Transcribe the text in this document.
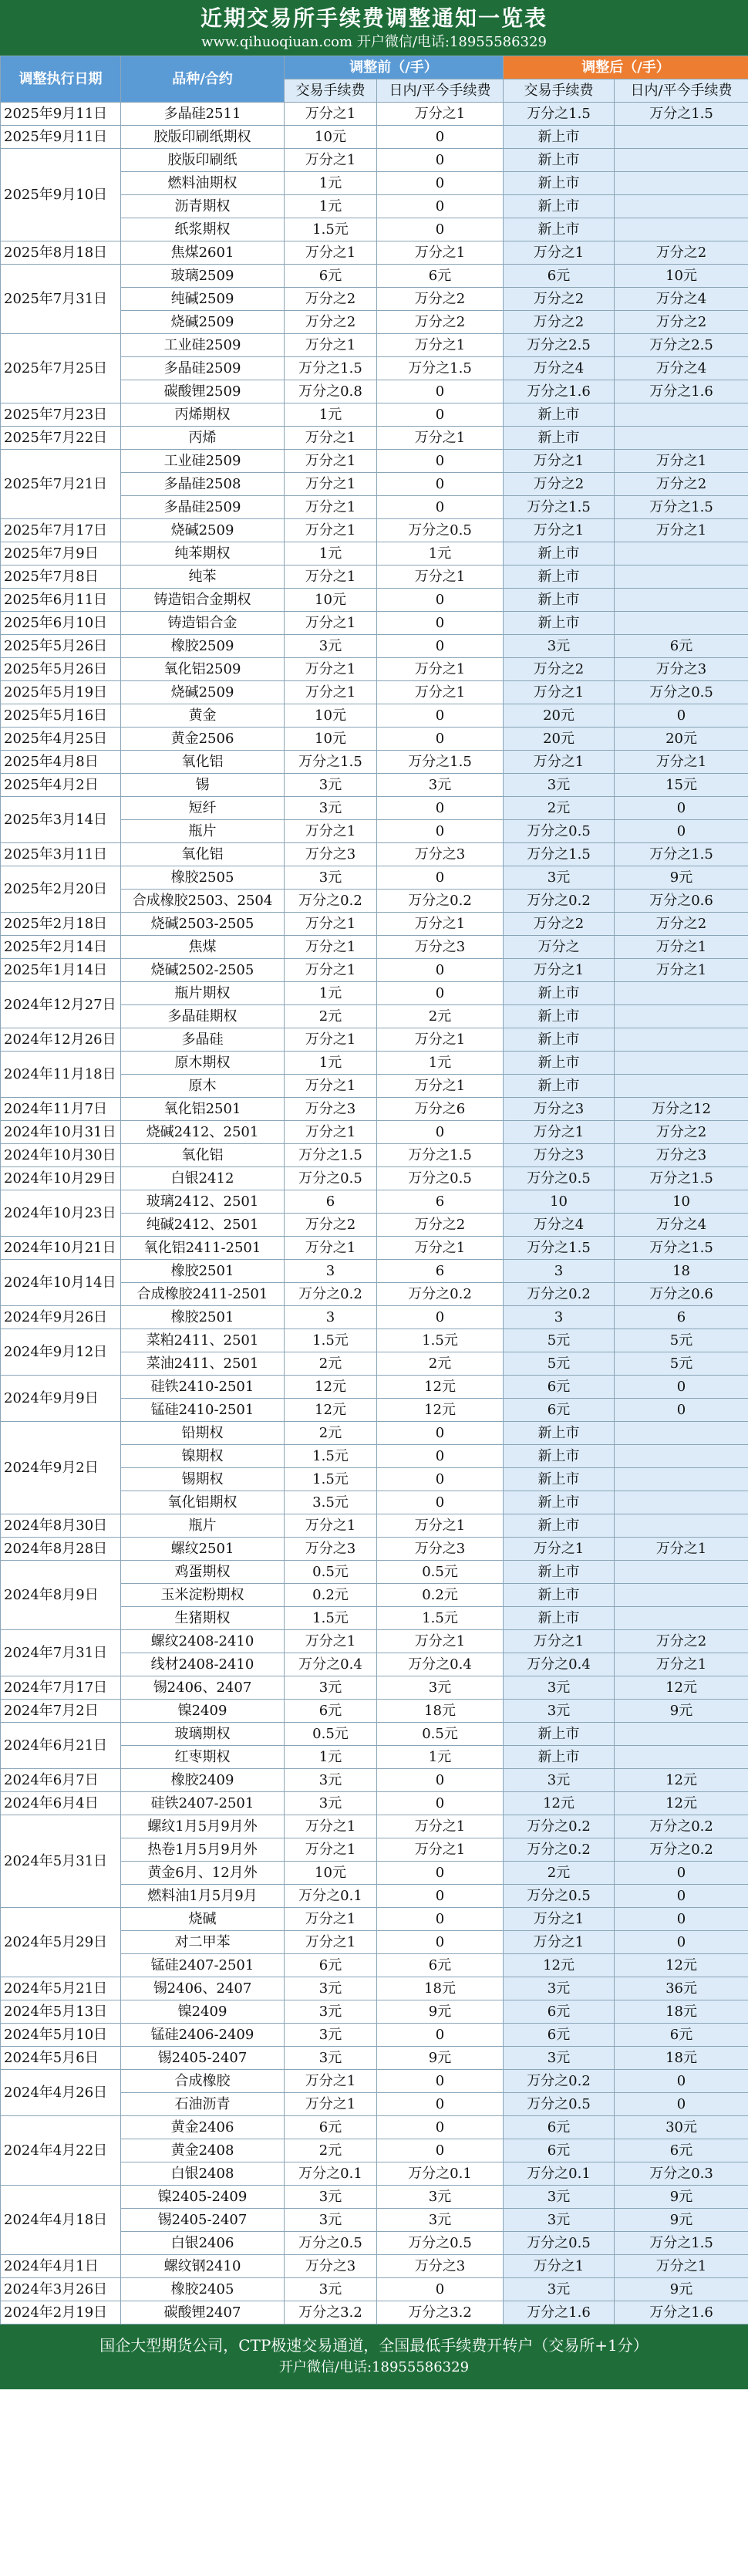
近期交易所手续费调整通知一览表
www.qihuoqiuan.com 开户微信/电话:18955586329
调整执行日期	品种/合约	调整前（/手）		调整后（/手）	
		交易手续费	日内/平今手续费	交易手续费	日内/平今手续费
2025年9月11日	多晶硅2511	万分之1	万分之1	万分之1.5	万分之1.5
2025年9月11日	胶版印刷纸期权	10元	0	新上市	
2025年9月10日	胶版印刷纸	万分之1	0	新上市	
	燃料油期权	1元	0	新上市	
	沥青期权	1元	0	新上市	
	纸浆期权	1.5元	0	新上市	
2025年8月18日	焦煤2601	万分之1	万分之1	万分之1	万分之2
2025年7月31日	玻璃2509	6元	6元	6元	10元
	纯碱2509	万分之2	万分之2	万分之2	万分之4
	烧碱2509	万分之2	万分之2	万分之2	万分之2
2025年7月25日	工业硅2509	万分之1	万分之1	万分之2.5	万分之2.5
	多晶硅2509	万分之1.5	万分之1.5	万分之4	万分之4
	碳酸锂2509	万分之0.8	0	万分之1.6	万分之1.6
2025年7月23日	丙烯期权	1元	0	新上市	
2025年7月22日	丙烯	万分之1	万分之1	新上市	
2025年7月21日	工业硅2509	万分之1	0	万分之1	万分之1
	多晶硅2508	万分之1	0	万分之2	万分之2
	多晶硅2509	万分之1	0	万分之1.5	万分之1.5
2025年7月17日	烧碱2509	万分之1	万分之0.5	万分之1	万分之1
2025年7月9日	纯苯期权	1元	1元	新上市	
2025年7月8日	纯苯	万分之1	万分之1	新上市	
2025年6月11日	铸造铝合金期权	10元	0	新上市	
2025年6月10日	铸造铝合金	万分之1	0	新上市	
2025年5月26日	橡胶2509	3元	0	3元	6元
2025年5月26日	氧化铝2509	万分之1	万分之1	万分之2	万分之3
2025年5月19日	烧碱2509	万分之1	万分之1	万分之1	万分之0.5
2025年5月16日	黄金	10元	0	20元	0
2025年4月25日	黄金2506	10元	0	20元	20元
2025年4月8日	氧化铝	万分之1.5	万分之1.5	万分之1	万分之1
2025年4月2日	锡	3元	3元	3元	15元
2025年3月14日	短纤	3元	0	2元	0
	瓶片	万分之1	0	万分之0.5	0
2025年3月11日	氧化铝	万分之3	万分之3	万分之1.5	万分之1.5
2025年2月20日	橡胶2505	3元	0	3元	9元
	合成橡胶2503、2504	万分之0.2	万分之0.2	万分之0.2	万分之0.6
2025年2月18日	烧碱2503-2505	万分之1	万分之1	万分之2	万分之2
2025年2月14日	焦煤	万分之1	万分之3	万分之	万分之1
2025年1月14日	烧碱2502-2505	万分之1	0	万分之1	万分之1
2024年12月27日	瓶片期权	1元	0	新上市	
	多晶硅期权	2元	2元	新上市	
2024年12月26日	多晶硅	万分之1	万分之1	新上市	
2024年11月18日	原木期权	1元	1元	新上市	
	原木	万分之1	万分之1	新上市	
2024年11月7日	氧化铝2501	万分之3	万分之6	万分之3	万分之12
2024年10月31日	烧碱2412、2501	万分之1	0	万分之1	万分之2
2024年10月30日	氧化铝	万分之1.5	万分之1.5	万分之3	万分之3
2024年10月29日	白银2412	万分之0.5	万分之0.5	万分之0.5	万分之1.5
2024年10月23日	玻璃2412、2501	6	6	10	10
	纯碱2412、2501	万分之2	万分之2	万分之4	万分之4
2024年10月21日	氧化铝2411-2501	万分之1	万分之1	万分之1.5	万分之1.5
2024年10月14日	橡胶2501	3	6	3	18
	合成橡胶2411-2501	万分之0.2	万分之0.2	万分之0.2	万分之0.6
2024年9月26日	橡胶2501	3	0	3	6
2024年9月12日	菜粕2411、2501	1.5元	1.5元	5元	5元
	菜油2411、2501	2元	2元	5元	5元
2024年9月9日	硅铁2410-2501	12元	12元	6元	0
	锰硅2410-2501	12元	12元	6元	0
2024年9月2日	铅期权	2元	0	新上市	
	镍期权	1.5元	0	新上市	
	锡期权	1.5元	0	新上市	
	氧化铝期权	3.5元	0	新上市	
2024年8月30日	瓶片	万分之1	万分之1	新上市	
2024年8月28日	螺纹2501	万分之3	万分之3	万分之1	万分之1
2024年8月9日	鸡蛋期权	0.5元	0.5元	新上市	
	玉米淀粉期权	0.2元	0.2元	新上市	
	生猪期权	1.5元	1.5元	新上市	
2024年7月31日	螺纹2408-2410	万分之1	万分之1	万分之1	万分之2
	线材2408-2410	万分之0.4	万分之0.4	万分之0.4	万分之1
2024年7月17日	锡2406、2407	3元	3元	3元	12元
2024年7月2日	镍2409	6元	18元	3元	9元
2024年6月21日	玻璃期权	0.5元	0.5元	新上市	
	红枣期权	1元	1元	新上市	
2024年6月7日	橡胶2409	3元	0	3元	12元
2024年6月4日	硅铁2407-2501	3元	0	12元	12元
2024年5月31日	螺纹1月5月9月外	万分之1	万分之1	万分之0.2	万分之0.2
	热卷1月5月9月外	万分之1	万分之1	万分之0.2	万分之0.2
	黄金6月、12月外	10元	0	2元	0
	燃料油1月5月9月	万分之0.1	0	万分之0.5	0
2024年5月29日	烧碱	万分之1	0	万分之1	0
	对二甲苯	万分之1	0	万分之1	0
	锰硅2407-2501	6元	6元	12元	12元
2024年5月21日	锡2406、2407	3元	18元	3元	36元
2024年5月13日	镍2409	3元	9元	6元	18元
2024年5月10日	锰硅2406-2409	3元	0	6元	6元
2024年5月6日	锡2405-2407	3元	9元	3元	18元
2024年4月26日	合成橡胶	万分之1	0	万分之0.2	0
	石油沥青	万分之1	0	万分之0.5	0
2024年4月22日	黄金2406	6元	0	6元	30元
	黄金2408	2元	0	6元	6元
	白银2408	万分之0.1	万分之0.1	万分之0.1	万分之0.3
2024年4月18日	镍2405-2409	3元	3元	3元	9元
	锡2405-2407	3元	3元	3元	9元
	白银2406	万分之0.5	万分之0.5	万分之0.5	万分之1.5
2024年4月1日	螺纹钢2410	万分之3	万分之3	万分之1	万分之1
2024年3月26日	橡胶2405	3元	0	3元	9元
2024年2月19日	碳酸锂2407	万分之3.2	万分之3.2	万分之1.6	万分之1.6
国企大型期货公司，CTP极速交易通道，全国最低手续费开转户（交易所+1分）
开户微信/电话:18955586329
